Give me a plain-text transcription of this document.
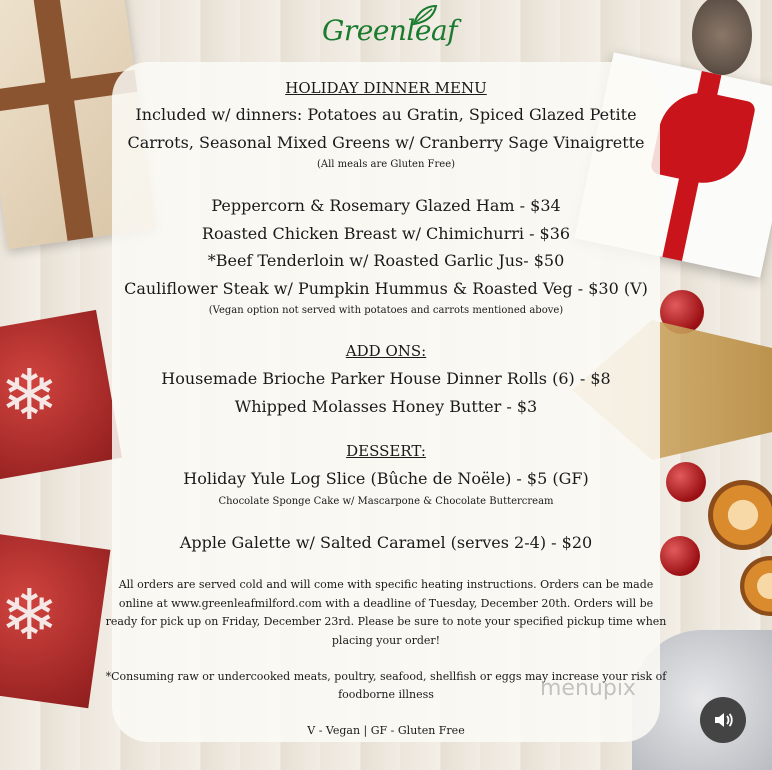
❄
❄
Greenleaf
HOLIDAY DINNER MENU
Included w/ dinners: Potatoes au Gratin, Spiced Glazed Petite
Carrots, Seasonal Mixed Greens w/ Cranberry Sage Vinaigrette
(All meals are Gluten Free)
Peppercorn & Rosemary Glazed Ham - $34
Roasted Chicken Breast w/ Chimichurri - $36
*Beef Tenderloin w/ Roasted Garlic Jus- $50
Cauliflower Steak w/ Pumpkin Hummus & Roasted Veg - $30 (V)
(Vegan option not served with potatoes and carrots mentioned above)
ADD ONS:
Housemade Brioche Parker House Dinner Rolls (6) - $8
Whipped Molasses Honey Butter - $3
DESSERT:
Holiday Yule Log Slice (Bûche de Noële) - $5 (GF)
Chocolate Sponge Cake w/ Mascarpone & Chocolate Buttercream
Apple Galette w/ Salted Caramel (serves 2-4) - $20
All orders are served cold and will come with specific heating instructions. Orders can be made
online at www.greenleafmilford.com with a deadline of Tuesday, December 20th. Orders will be
ready for pick up on Friday, December 23rd. Please be sure to note your specified pickup time when
placing your order!
*Consuming raw or undercooked meats, poultry, seafood, shellfish or eggs may increase your risk of
foodborne illness
V - Vegan | GF - Gluten Free
menupix
